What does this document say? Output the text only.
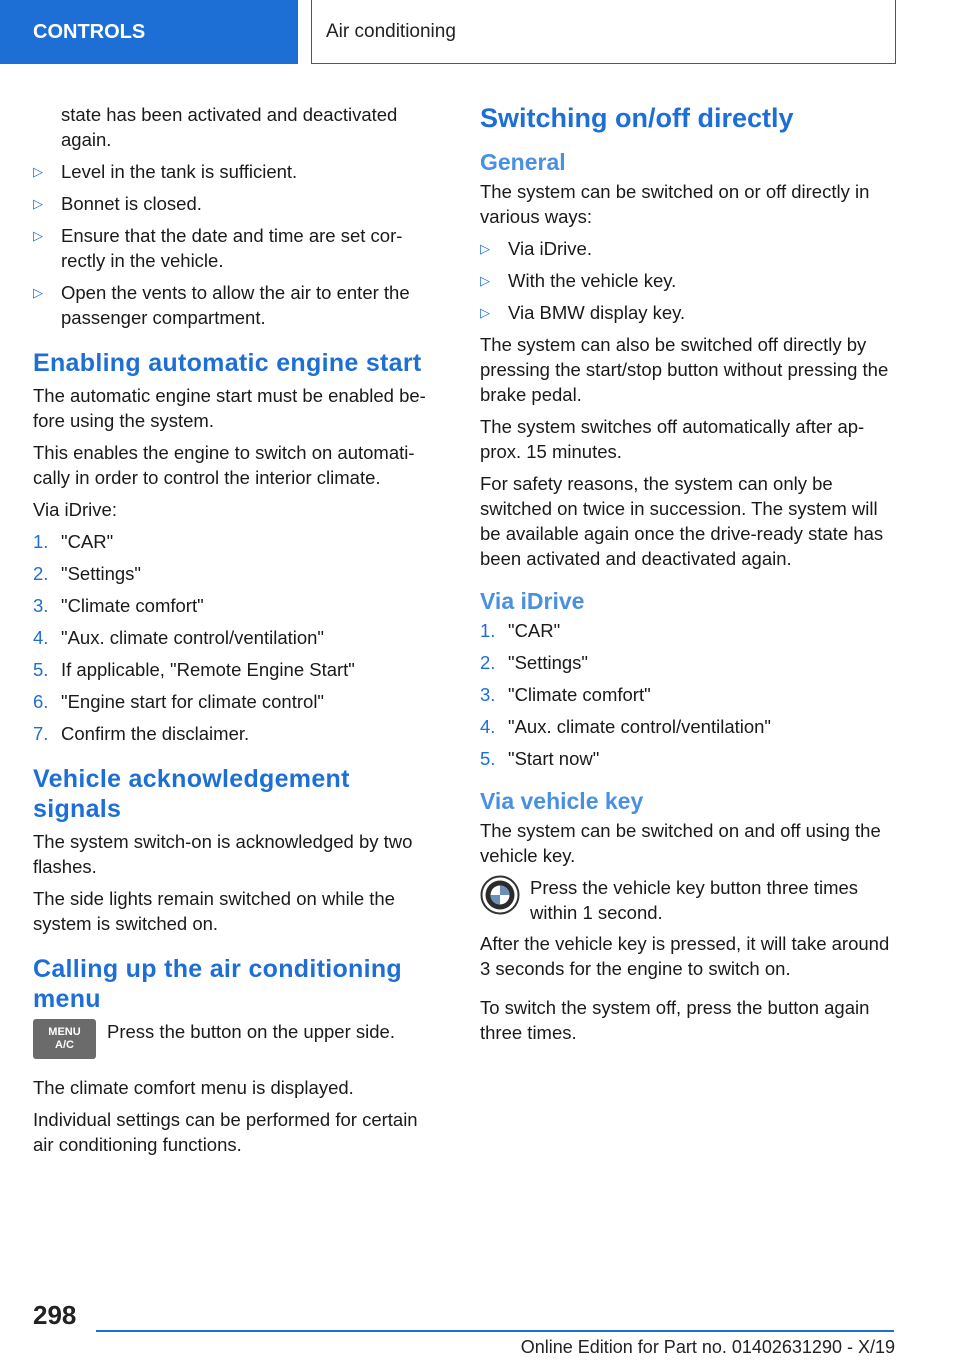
CONTROLS	Air conditioning

state has been activated and deactivated again.

▷ Level in the tank is sufficient.
▷ Bonnet is closed.
▷ Ensure that the date and time are set cor-rectly in the vehicle.
▷ Open the vents to allow the air to enter the passenger compartment.
Enabling automatic engine start

The automatic engine start must be enabled be-fore using the system.

This enables the engine to switch on automati-cally in order to control the interior climate.

Via iDrive:

1. "CAR"
2. "Settings"
3. "Climate comfort"
4. "Aux. climate control/ventilation"
5. If applicable, "Remote Engine Start"
6. "Engine start for climate control"
7. Confirm the disclaimer.
Vehicle acknowledgement signals

The system switch-on is acknowledged by two flashes.

The side lights remain switched on while the system is switched on.

Calling up the air conditioning menu
MENU
A/C
Press the button on the upper side.

The climate comfort menu is displayed.

Individual settings can be performed for certain air conditioning functions.

Switching on/off directly
General

The system can be switched on or off directly in various ways:

▷ Via iDrive.
▷ With the vehicle key.
▷ Via BMW display key.

The system can also be switched off directly by pressing the start/stop button without pressing the brake pedal.

The system switches off automatically after ap-prox. 15 minutes.

For safety reasons, the system can only be switched on twice in succession. The system will be available again once the drive-ready state has been activated and deactivated again.

Via iDrive
1. "CAR"
2. "Settings"
3. "Climate comfort"
4. "Aux. climate control/ventilation"
5. "Start now"
Via vehicle key

The system can be switched on and off using the vehicle key.

Press the vehicle key button three times within 1 second.

After the vehicle key is pressed, it will take around 3 seconds for the engine to switch on.

To switch the system off, press the button again three times.

298
Online Edition for Part no. 01402631290 - X/19
